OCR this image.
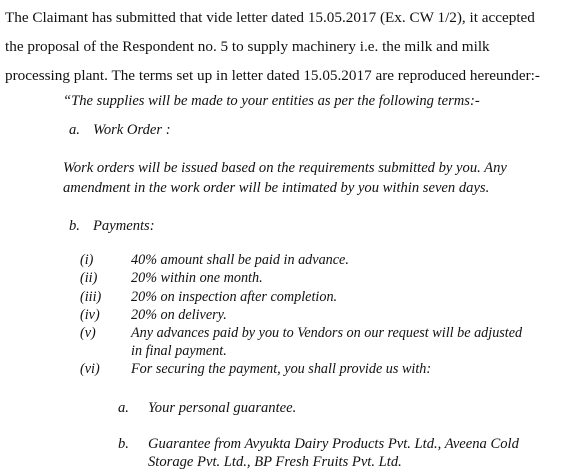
The Claimant has submitted that vide letter dated 15.05.2017 (Ex. CW 1/2), it accepted
the proposal of the Respondent no. 5 to supply machinery i.e. the milk and milk
processing plant. The terms set up in letter dated 15.05.2017 are reproduced hereunder:-
“The supplies will be made to your entities as per the following terms:-
a. Work Order :
Work orders will be issued based on the requirements submitted by you. Any
amendment in the work order will be intimated by you within seven days.
b. Payments:
(i)	40% amount shall be paid in advance.
(ii) 20% within one month.
(iii) 20% on inspection after completion.
(iv) 20% on delivery.
(v) Any advances paid by you to Vendors on our request will be adjusted
in final payment.
(vi) For securing the payment, you shall provide us with:
a. Your personal guarantee.
b. Guarantee from Avyukta Dairy Products Pvt. Ltd., Aveena Cold
Storage Pvt. Ltd., BP Fresh Fruits Pvt. Ltd.
